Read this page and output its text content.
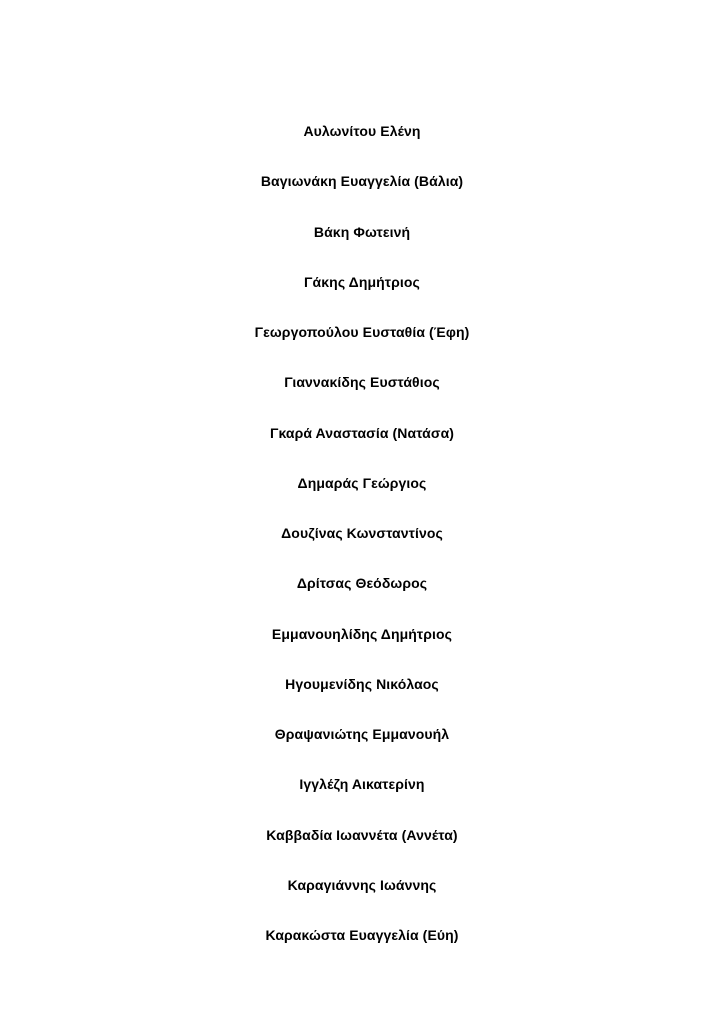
Αυλωνίτου Ελένη
Βαγιωνάκη Ευαγγελία (Βάλια)
Βάκη Φωτεινή
Γάκης Δημήτριος
Γεωργοπούλου Ευσταθία (Έφη)
Γιαννακίδης Ευστάθιος
Γκαρά Αναστασία (Νατάσα)
Δημαράς Γεώργιος
Δουζίνας Κωνσταντίνος
Δρίτσας Θεόδωρος
Εμμανουηλίδης Δημήτριος
Ηγουμενίδης Νικόλαος
Θραψανιώτης Εμμανουήλ
Ιγγλέζη Αικατερίνη
Καββαδία Ιωαννέτα (Αννέτα)
Καραγιάννης Ιωάννης
Καρακώστα Ευαγγελία (Εύη)
